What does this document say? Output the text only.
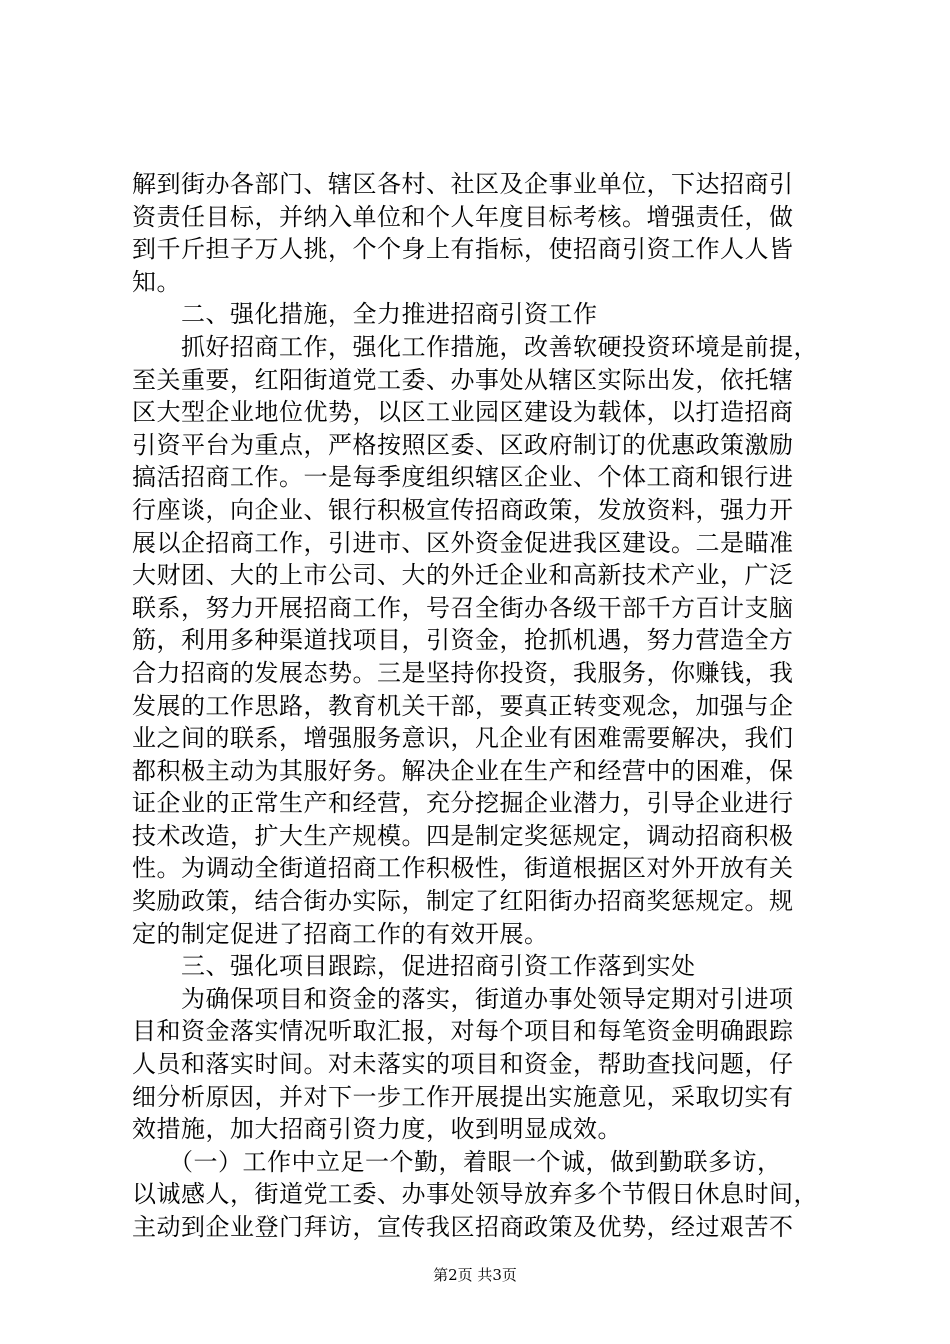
解到街办各部门、辖区各村、社区及企事业单位，下达招商引
资责任目标，并纳入单位和个人年度目标考核。增强责任，做
到千斤担子万人挑，个个身上有指标，使招商引资工作人人皆
知。
　　二、强化措施，全力推进招商引资工作
　　抓好招商工作，强化工作措施，改善软硬投资环境是前提，
至关重要，红阳街道党工委、办事处从辖区实际出发，依托辖
区大型企业地位优势，以区工业园区建设为载体，以打造招商
引资平台为重点，严格按照区委、区政府制订的优惠政策激励
搞活招商工作。一是每季度组织辖区企业、个体工商和银行进
行座谈，向企业、银行积极宣传招商政策，发放资料，强力开
展以企招商工作，引进市、区外资金促进我区建设。二是瞄准
大财团、大的上市公司、大的外迁企业和高新技术产业，广泛
联系，努力开展招商工作，号召全街办各级干部千方百计支脑
筋，利用多种渠道找项目，引资金，抢抓机遇，努力营造全方
合力招商的发展态势。三是坚持你投资，我服务，你赚钱，我
发展的工作思路，教育机关干部，要真正转变观念，加强与企
业之间的联系，增强服务意识，凡企业有困难需要解决，我们
都积极主动为其服好务。解决企业在生产和经营中的困难，保
证企业的正常生产和经营，充分挖掘企业潜力，引导企业进行
技术改造，扩大生产规模。四是制定奖惩规定，调动招商积极
性。为调动全街道招商工作积极性，街道根据区对外开放有关
奖励政策，结合街办实际，制定了红阳街办招商奖惩规定。规
定的制定促进了招商工作的有效开展。
　　三、强化项目跟踪，促进招商引资工作落到实处
　　为确保项目和资金的落实，街道办事处领导定期对引进项
目和资金落实情况听取汇报，对每个项目和每笔资金明确跟踪
人员和落实时间。对未落实的项目和资金，帮助查找问题，仔
细分析原因，并对下一步工作开展提出实施意见，采取切实有
效措施，加大招商引资力度，收到明显成效。
　　（一）工作中立足一个勤，着眼一个诚，做到勤联多访，
以诚感人，街道党工委、办事处领导放弃多个节假日休息时间，
主动到企业登门拜访，宣传我区招商政策及优势，经过艰苦不
第2页 共3页
